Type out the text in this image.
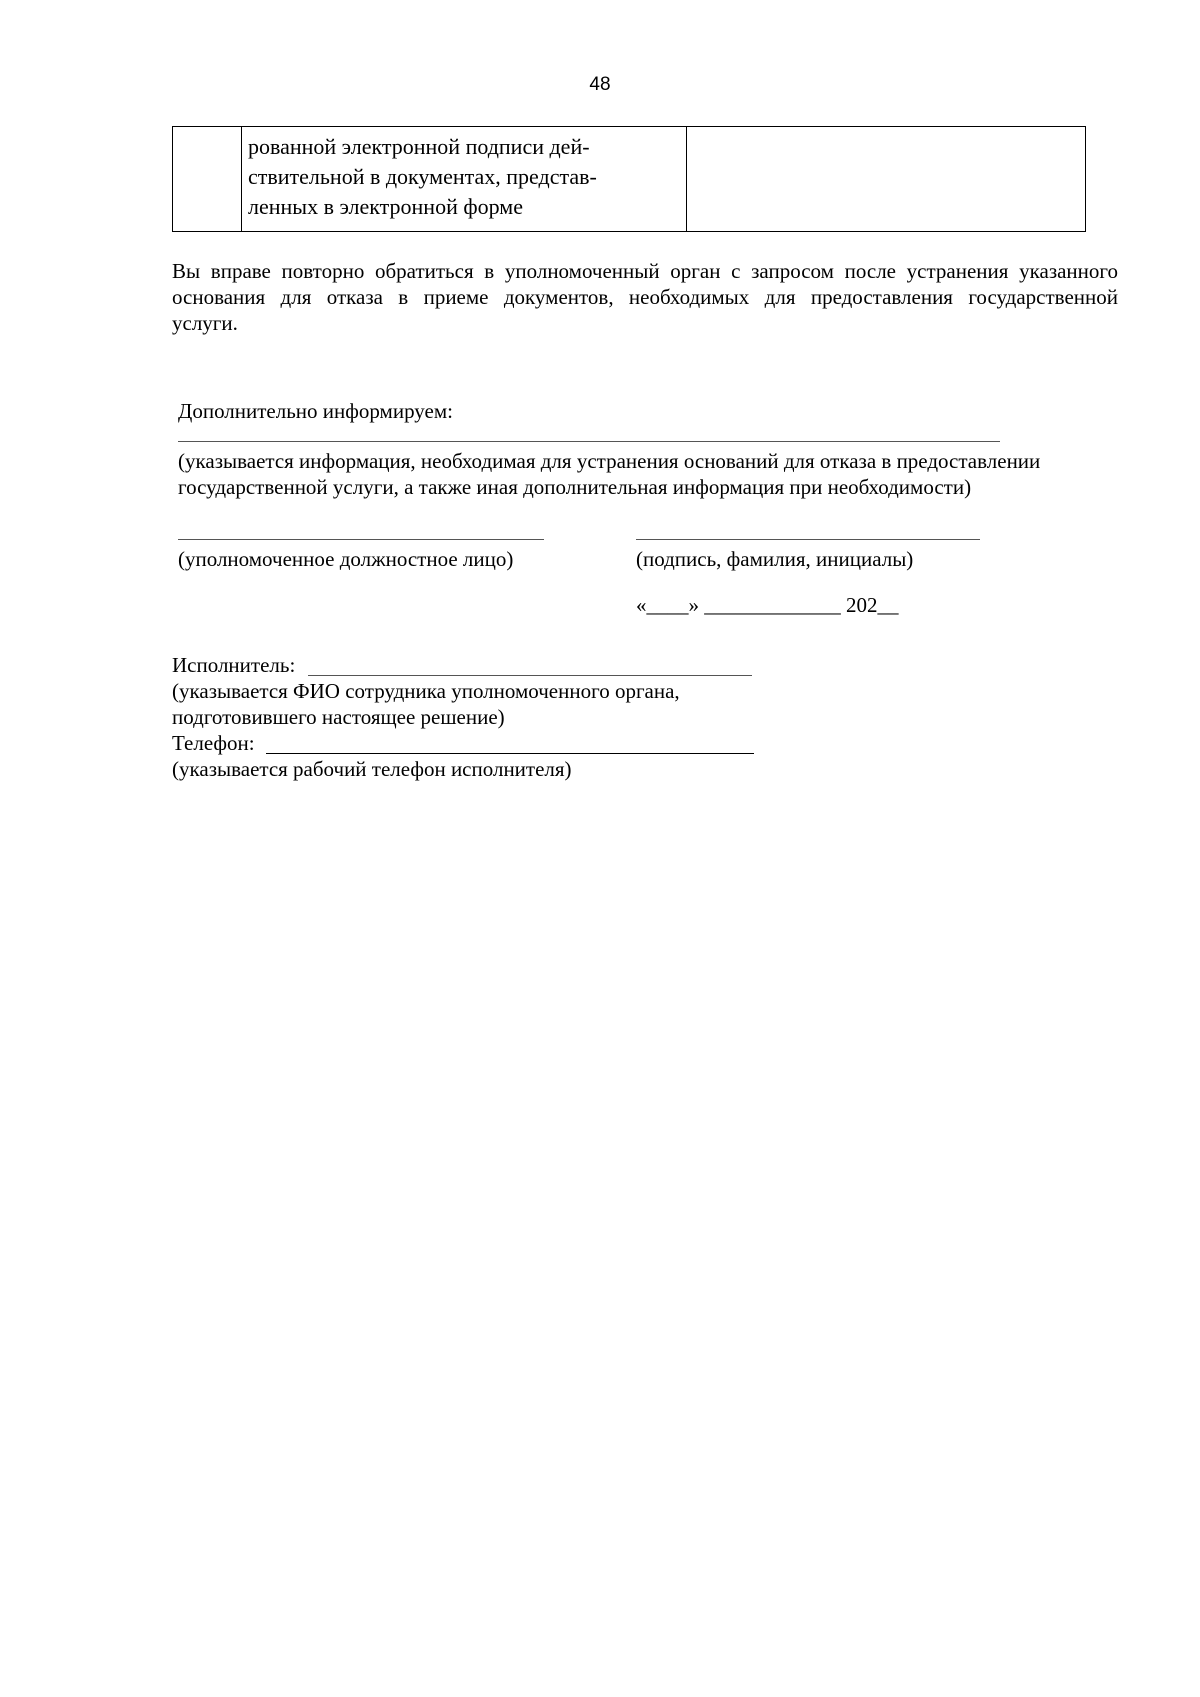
48

рованной электронной подписи дей-
ствительной в документах, представ-
ленных в электронной форме

Вы вправе повторно обратиться в уполномоченный орган с запросом после устранения указанного
основания для отказа в приеме документов, необходимых для предоставления государственной
услуги.
Дополнительно информируем:
(указывается информация, необходимая для устранения оснований для отказа в предоставлении
государственной услуги, а также иная дополнительная информация при необходимости)
(уполномоченное должностное лицо)	(подпись, фамилия, инициалы)
«____» _____________ 202__
Исполнитель:
(указывается ФИО сотрудника уполномоченного органа,
подготовившего настоящее решение)
Телефон:
(указывается рабочий телефон исполнителя)
